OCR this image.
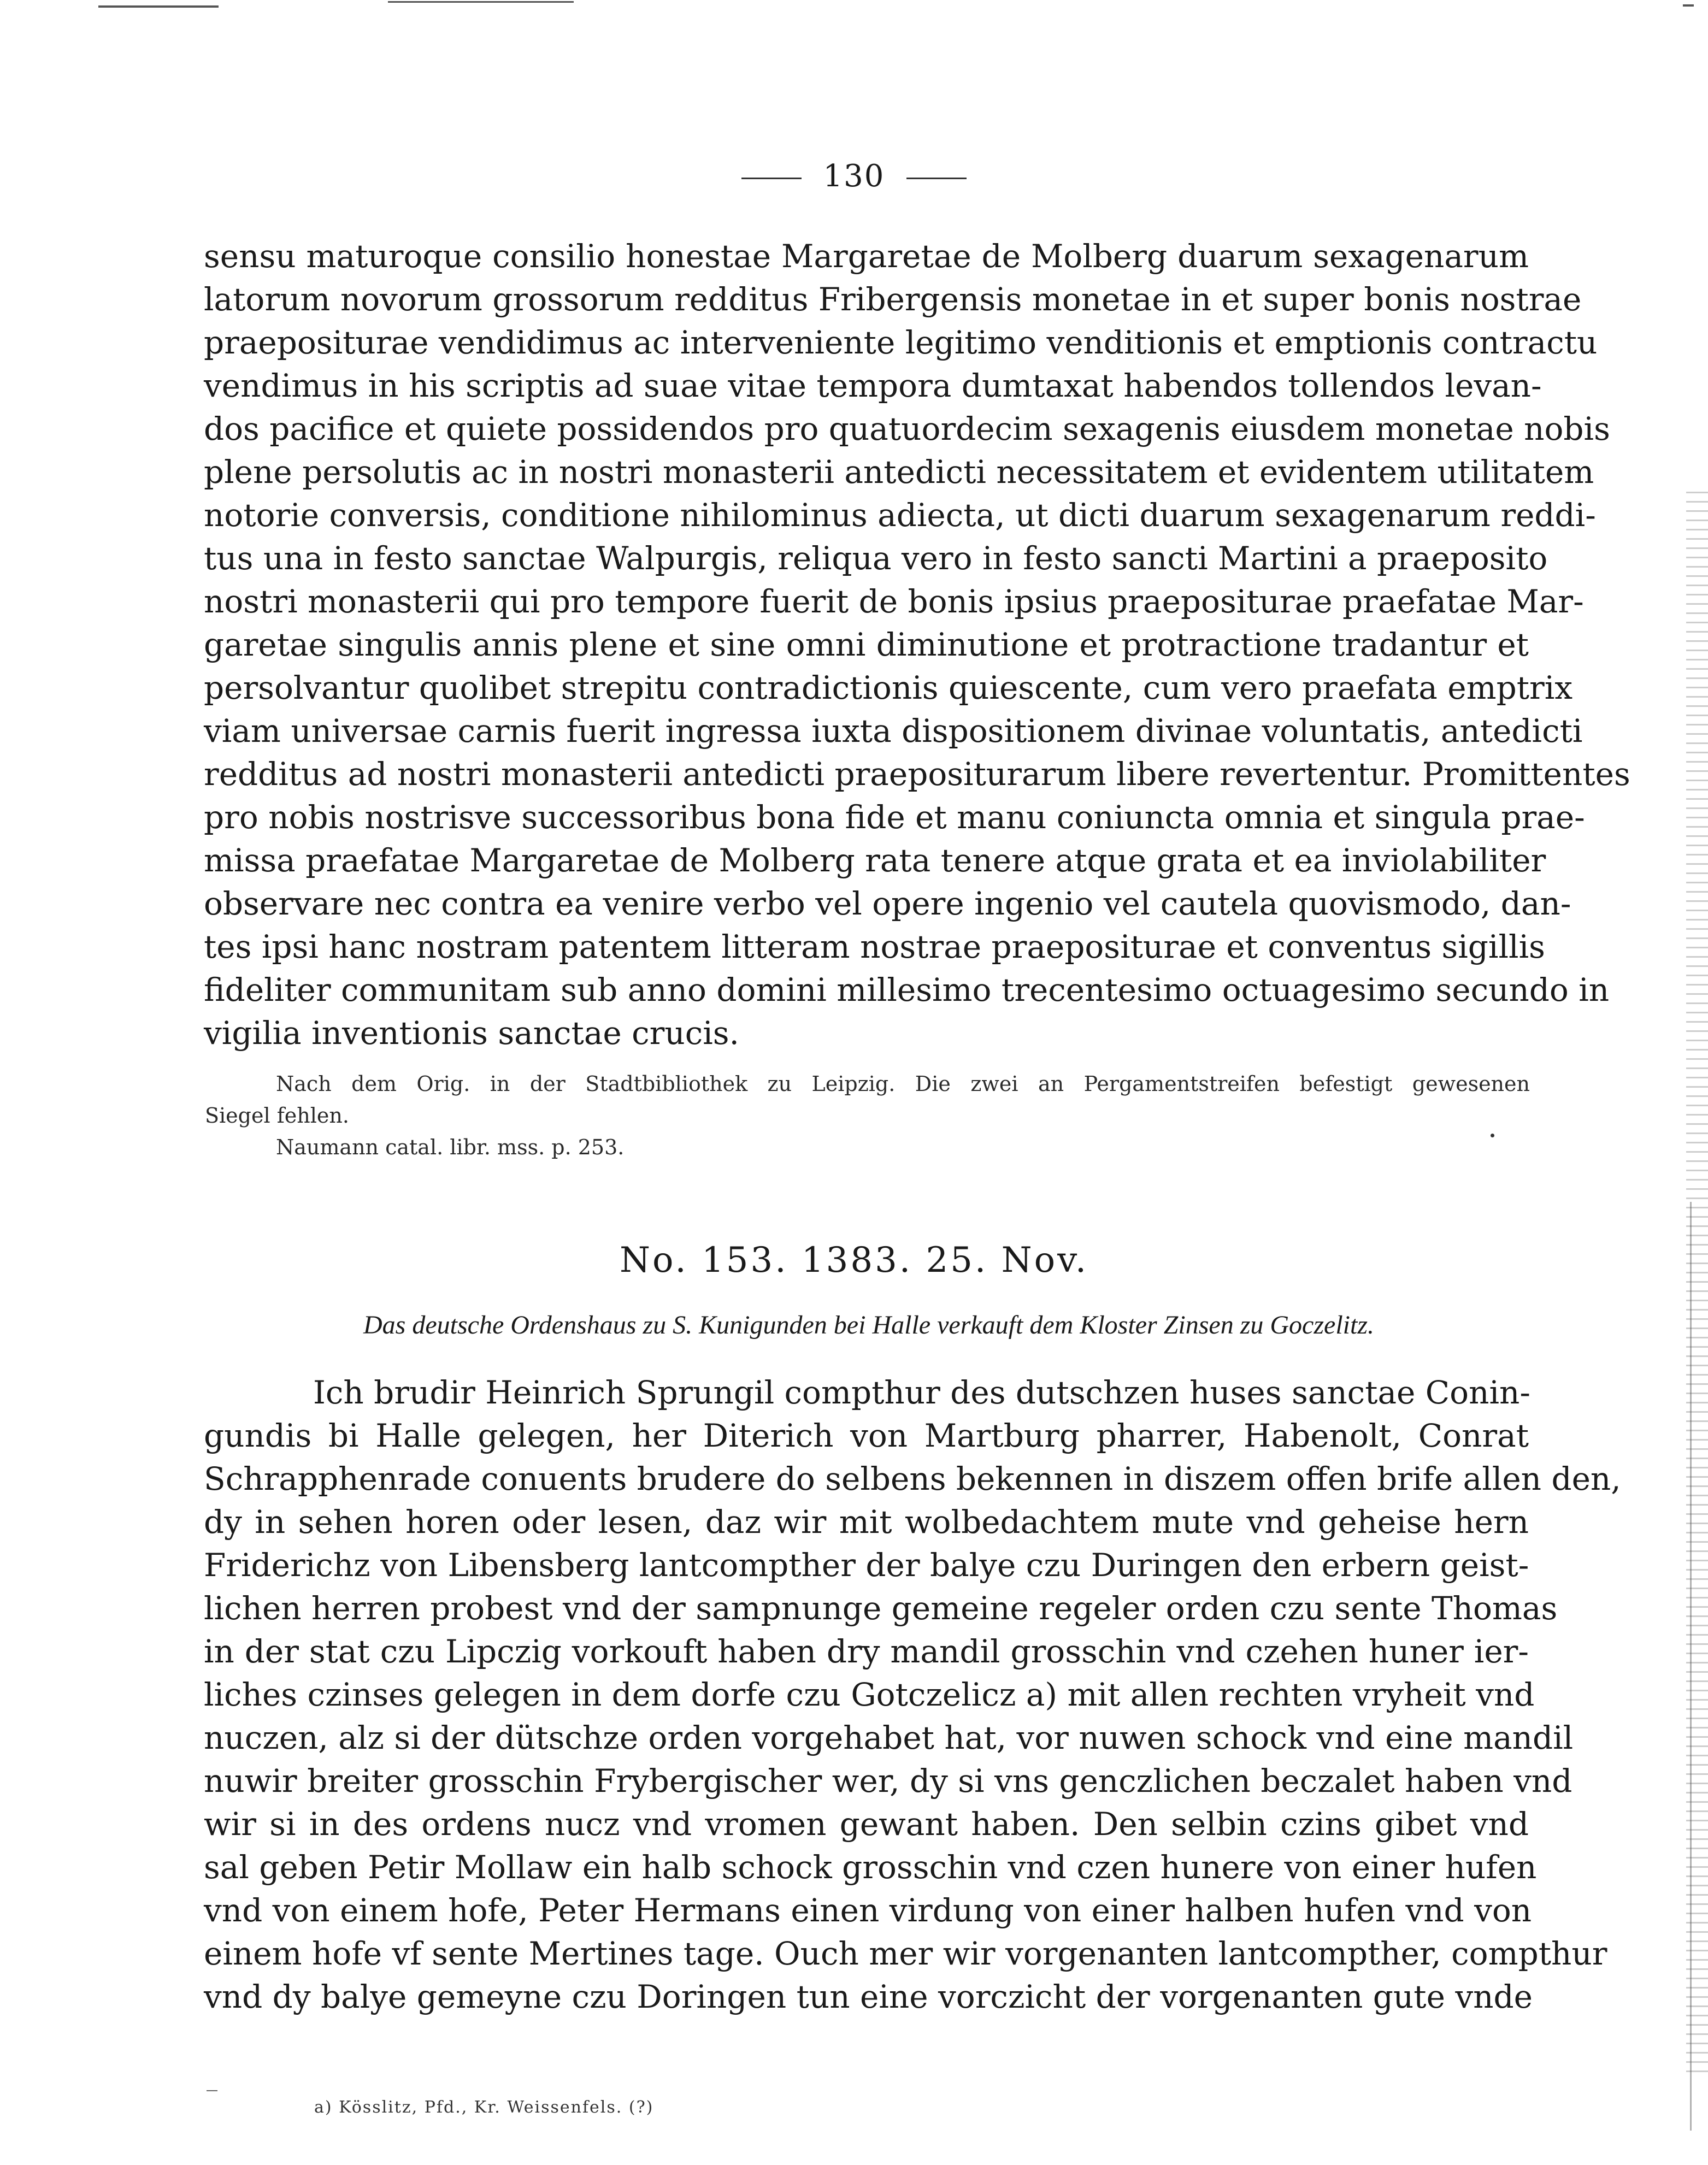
130
sensu maturoque consilio honestae Margaretae de Molberg duarum sexagenarum
latorum novorum grossorum redditus Fribergensis monetae in et super bonis nostrae
praepositurae vendidimus ac interveniente legitimo venditionis et emptionis contractu
vendimus in his scriptis ad suae vitae tempora dumtaxat habendos tollendos levan-
dos pacifice et quiete possidendos pro quatuordecim sexagenis eiusdem monetae nobis
plene persolutis ac in nostri monasterii antedicti necessitatem et evidentem utilitatem
notorie conversis, conditione nihilominus adiecta, ut dicti duarum sexagenarum reddi-
tus una in festo sanctae Walpurgis, reliqua vero in festo sancti Martini a praeposito
nostri monasterii qui pro tempore fuerit de bonis ipsius praepositurae praefatae Mar-
garetae singulis annis plene et sine omni diminutione et protractione tradantur et
persolvantur quolibet strepitu contradictionis quiescente, cum vero praefata emptrix
viam universae carnis fuerit ingressa iuxta dispositionem divinae voluntatis, antedicti
redditus ad nostri monasterii antedicti praepositurarum libere revertentur. Promittentes
pro nobis nostrisve successoribus bona fide et manu coniuncta omnia et singula prae-
missa praefatae Margaretae de Molberg rata tenere atque grata et ea inviolabiliter
observare nec contra ea venire verbo vel opere ingenio vel cautela quovismodo, dan-
tes ipsi hanc nostram patentem litteram nostrae praepositurae et conventus sigillis
fideliter communitam sub anno domini millesimo trecentesimo octuagesimo secundo in
vigilia inventionis sanctae crucis.
Nach dem Orig. in der Stadtbibliothek zu Leipzig. Die zwei an Pergamentstreifen befestigt gewesenen
Siegel fehlen.
Naumann catal. libr. mss. p. 253.
No. 153. 1383. 25. Nov.
Das deutsche Ordenshaus zu S. Kunigunden bei Halle verkauft dem Kloster Zinsen zu Goczelitz.
Ich brudir Heinrich Sprungil compthur des dutschzen huses sanctae Conin-
gundis bi Halle gelegen, her Diterich von Martburg pharrer, Habenolt, Conrat
Schrapphenrade conuents brudere do selbens bekennen in diszem offen brife allen den,
dy in sehen horen oder lesen, daz wir mit wolbedachtem mute vnd geheise hern
Friderichz von Libensberg lantcompther der balye czu Duringen den erbern geist-
lichen herren probest vnd der sampnunge gemeine regeler orden czu sente Thomas
in der stat czu Lipczig vorkouft haben dry mandil grosschin vnd czehen huner ier-
liches czinses gelegen in dem dorfe czu Gotczelicz a) mit allen rechten vryheit vnd
nuczen, alz si der dütschze orden vorgehabet hat, vor nuwen schock vnd eine mandil
nuwir breiter grosschin Frybergischer wer, dy si vns genczlichen beczalet haben vnd
wir si in des ordens nucz vnd vromen gewant haben. Den selbin czins gibet vnd
sal geben Petir Mollaw ein halb schock grosschin vnd czen hunere von einer hufen
vnd von einem hofe, Peter Hermans einen virdung von einer halben hufen vnd von
einem hofe vf sente Mertines tage. Ouch mer wir vorgenanten lantcompther, compthur
vnd dy balye gemeyne czu Doringen tun eine vorczicht der vorgenanten gute vnde
a) Kösslitz, Pfd., Kr. Weissenfels. (?)
